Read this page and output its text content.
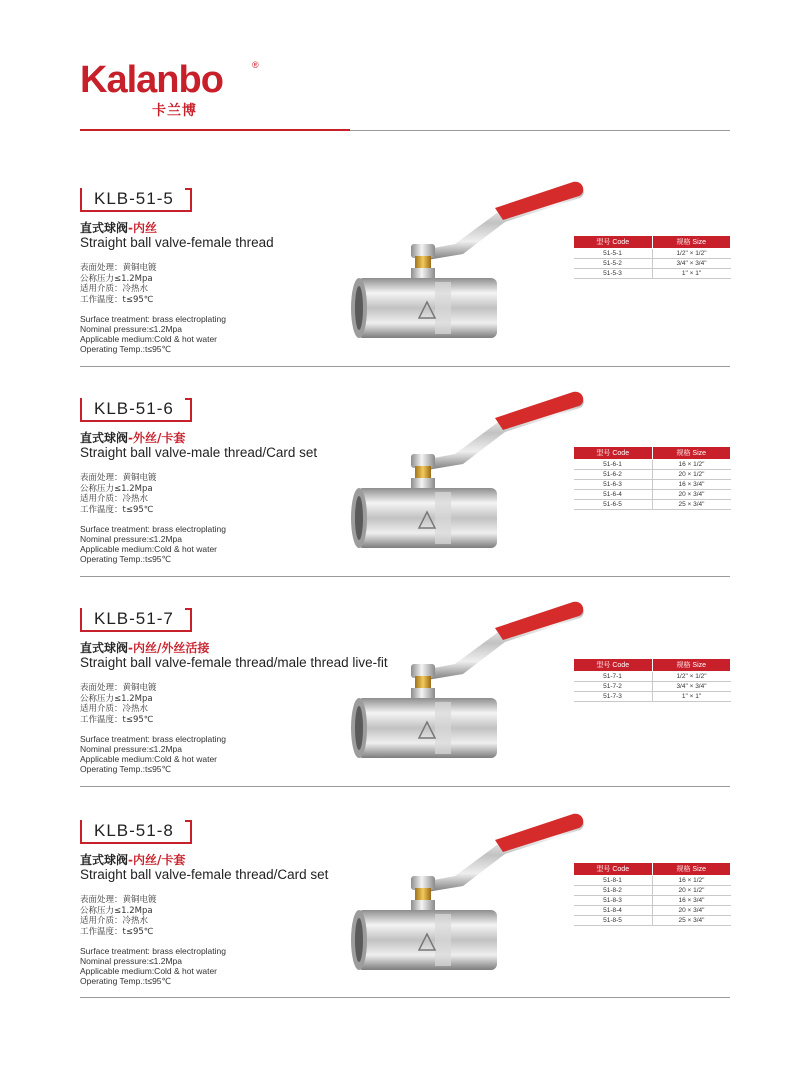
Kalanbo	®
卡兰博
KLB-51-5
直式球阀-内丝
Straight ball valve-female thread
表面处理：黄铜电镀
公称压力≤1.2Mpa
适用介质：冷热水
工作温度：t≤95℃
Surface treatment: brass electroplating
Nominal pressure:≤1.2Mpa
Applicable medium:Cold & hot water
Operating Temp.:t≤95℃
型号 Code	规格 Size
51-5-1	1/2" × 1/2"
51-5-2	3/4" × 3/4"
51-5-3	1" × 1"
KLB-51-6
直式球阀-外丝/卡套
Straight ball valve-male thread/Card set
表面处理：黄铜电镀
公称压力≤1.2Mpa
适用介质：冷热水
工作温度：t≤95℃
Surface treatment: brass electroplating
Nominal pressure:≤1.2Mpa
Applicable medium:Cold & hot water
Operating Temp.:t≤95℃
型号 Code	规格 Size
51-6-1	16 × 1/2"
51-6-2	20 × 1/2"
51-6-3	16 × 3/4"
51-6-4	20 × 3/4"
51-6-5	25 × 3/4"
KLB-51-7
直式球阀-内丝/外丝活接
Straight ball valve-female thread/male thread live-fit
表面处理：黄铜电镀
公称压力≤1.2Mpa
适用介质：冷热水
工作温度：t≤95℃
Surface treatment: brass electroplating
Nominal pressure:≤1.2Mpa
Applicable medium:Cold & hot water
Operating Temp.:t≤95℃
型号 Code	规格 Size
51-7-1	1/2" × 1/2"
51-7-2	3/4" × 3/4"
51-7-3	1" × 1"
KLB-51-8
直式球阀-内丝/卡套
Straight ball valve-female thread/Card set
表面处理：黄铜电镀
公称压力≤1.2Mpa
适用介质：冷热水
工作温度：t≤95℃
Surface treatment: brass electroplating
Nominal pressure:≤1.2Mpa
Applicable medium:Cold & hot water
Operating Temp.:t≤95℃
型号 Code	规格 Size
51-8-1	16 × 1/2"
51-8-2	20 × 1/2"
51-8-3	16 × 3/4"
51-8-4	20 × 3/4"
51-8-5	25 × 3/4"
